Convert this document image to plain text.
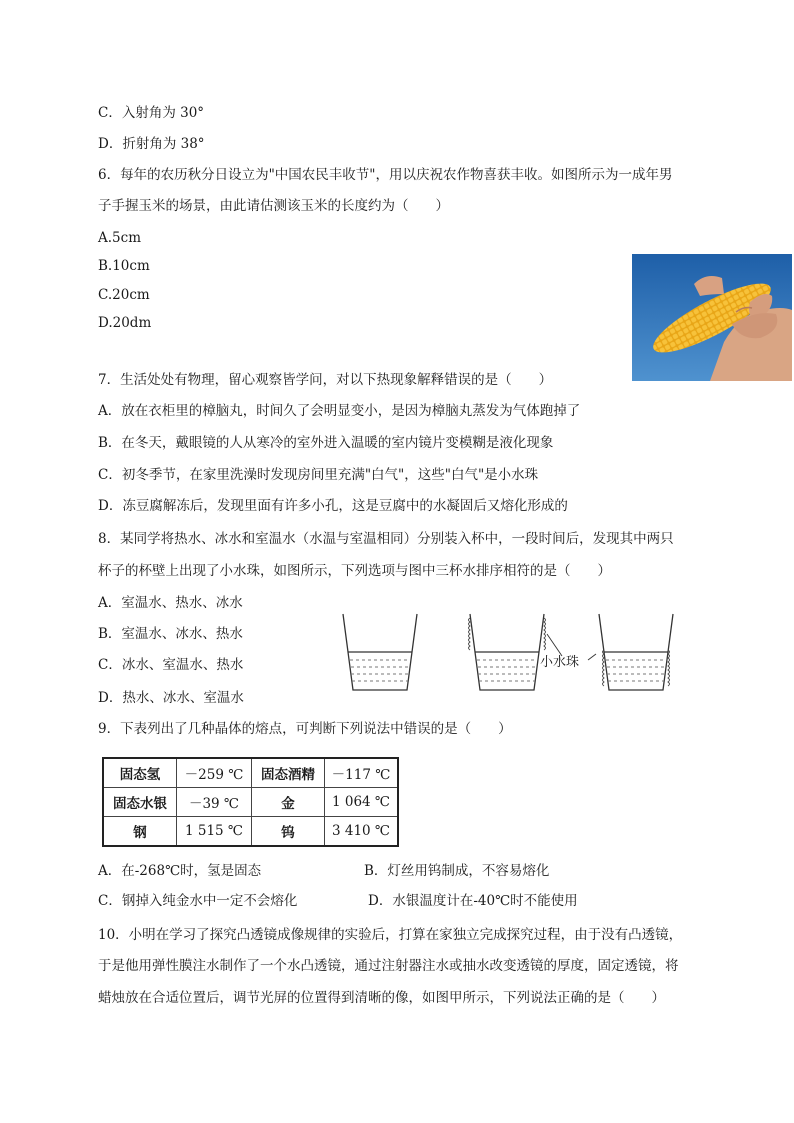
C．入射角为 30°
D．折射角为 38°
6．每年的农历秋分日设立为"中国农民丰收节"，用以庆祝农作物喜获丰收。如图所示为一成年男
子手握玉米的场景，由此请估测该玉米的长度约为（　　）
A.5cm
B.10cm
C.20cm
D.20dm
7．生活处处有物理，留心观察皆学问，对以下热现象解释错误的是（　　）
A．放在衣柜里的樟脑丸，时间久了会明显变小，是因为樟脑丸蒸发为气体跑掉了
B．在冬天，戴眼镜的人从寒冷的室外进入温暖的室内镜片变模糊是液化现象
C．初冬季节，在家里洗澡时发现房间里充满"白气"，这些"白气"是小水珠
D．冻豆腐解冻后，发现里面有许多小孔，这是豆腐中的水凝固后又熔化形成的
8．某同学将热水、冰水和室温水（水温与室温相同）分别装入杯中，一段时间后，发现其中两只
杯子的杯壁上出现了小水珠，如图所示，下列选项与图中三杯水排序相符的是（　　）
A．室温水、热水、冰水
B．室温水、冰水、热水
C．冰水、室温水、热水
D．热水、冰水、室温水
小水珠
9．下表列出了几种晶体的熔点，可判断下列说法中错误的是（　　）
固态氢	－259 ℃	固态酒精	－117 ℃
固态水银	－39 ℃	金	1 064 ℃
钢	1 515 ℃	钨	3 410 ℃
A．在-268℃时，氢是固态	B．灯丝用钨制成，不容易熔化
C．钢掉入纯金水中一定不会熔化	D．水银温度计在-40℃时不能使用
10．小明在学习了探究凸透镜成像规律的实验后，打算在家独立完成探究过程，由于没有凸透镜，
于是他用弹性膜注水制作了一个水凸透镜，通过注射器注水或抽水改变透镜的厚度，固定透镜，将
蜡烛放在合适位置后，调节光屏的位置得到清晰的像，如图甲所示，下列说法正确的是（　　）
